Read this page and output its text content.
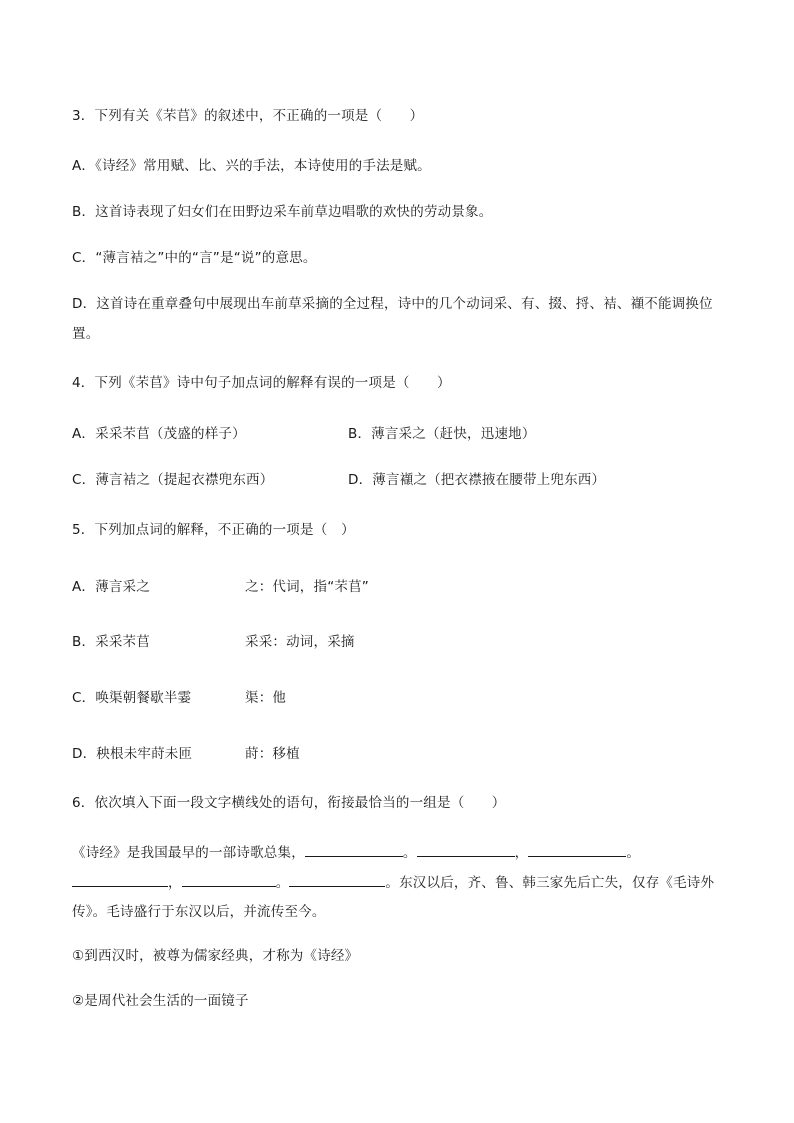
3．下列有关《芣苢》的叙述中，不正确的一项是（　　）
A．《诗经》常用赋、比、兴的手法，本诗使用的手法是赋。
B．这首诗表现了妇女们在田野边采车前草边唱歌的欢快的劳动景象。
C．“薄言袺之”中的“言”是“说”的意思。
D．这首诗在重章叠句中展现出车前草采摘的全过程，诗中的几个动词采、有、掇、捋、袺、襭不能调换位
置。
4．下列《芣苢》诗中句子加点词的解释有误的一项是（　　）
A．采采芣苢（茂盛的样子）	B．薄言采之（赶快，迅速地）
C．薄言袺之（提起衣襟兜东西）	D．薄言襭之（把衣襟掖在腰带上兜东西）
5．下列加点词的解释，不正确的一项是（　）
A．薄言采之	之：代词，指“芣苢”
B．采采芣苢	采采：动词，采摘
C．唤渠朝餐歇半霎	渠：他
D．秧根未牢莳未匝	莳：移植
6．依次填入下面一段文字横线处的语句，衔接最恰当的一组是（　　）
《诗经》是我国最早的一部诗歌总集，	。	，	。
，	。	。东汉以后，齐、鲁、韩三家先后亡失，仅存《毛诗外
传》。毛诗盛行于东汉以后，并流传至今。
①到西汉时，被尊为儒家经典，才称为《诗经》
②是周代社会生活的一面镜子
